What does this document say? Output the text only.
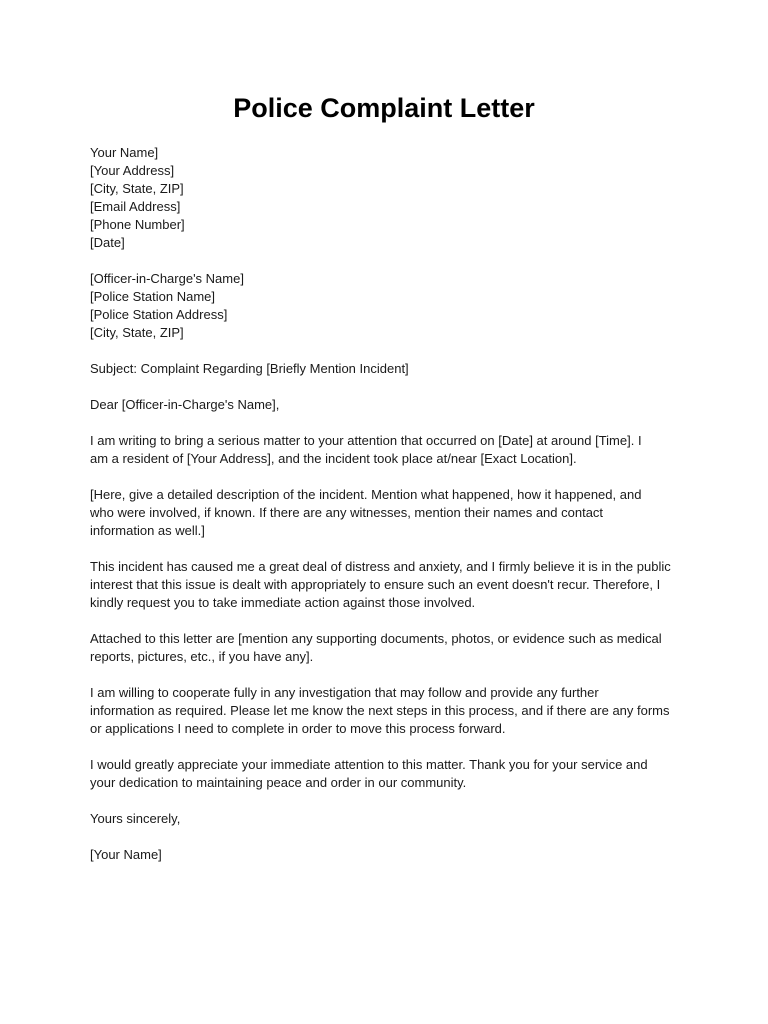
Police Complaint Letter
Your Name]
[Your Address]
[City, State, ZIP]
[Email Address]
[Phone Number]
[Date]
[Officer-in-Charge's Name]
[Police Station Name]
[Police Station Address]
[City, State, ZIP]
Subject: Complaint Regarding [Briefly Mention Incident]
Dear [Officer-in-Charge's Name],
I am writing to bring a serious matter to your attention that occurred on [Date] at around [Time]. I
am a resident of [Your Address], and the incident took place at/near [Exact Location].
[Here, give a detailed description of the incident. Mention what happened, how it happened, and
who were involved, if known. If there are any witnesses, mention their names and contact
information as well.]
This incident has caused me a great deal of distress and anxiety, and I firmly believe it is in the public
interest that this issue is dealt with appropriately to ensure such an event doesn't recur. Therefore, I
kindly request you to take immediate action against those involved.
Attached to this letter are [mention any supporting documents, photos, or evidence such as medical
reports, pictures, etc., if you have any].
I am willing to cooperate fully in any investigation that may follow and provide any further
information as required. Please let me know the next steps in this process, and if there are any forms
or applications I need to complete in order to move this process forward.
I would greatly appreciate your immediate attention to this matter. Thank you for your service and
your dedication to maintaining peace and order in our community.
Yours sincerely,
[Your Name]
